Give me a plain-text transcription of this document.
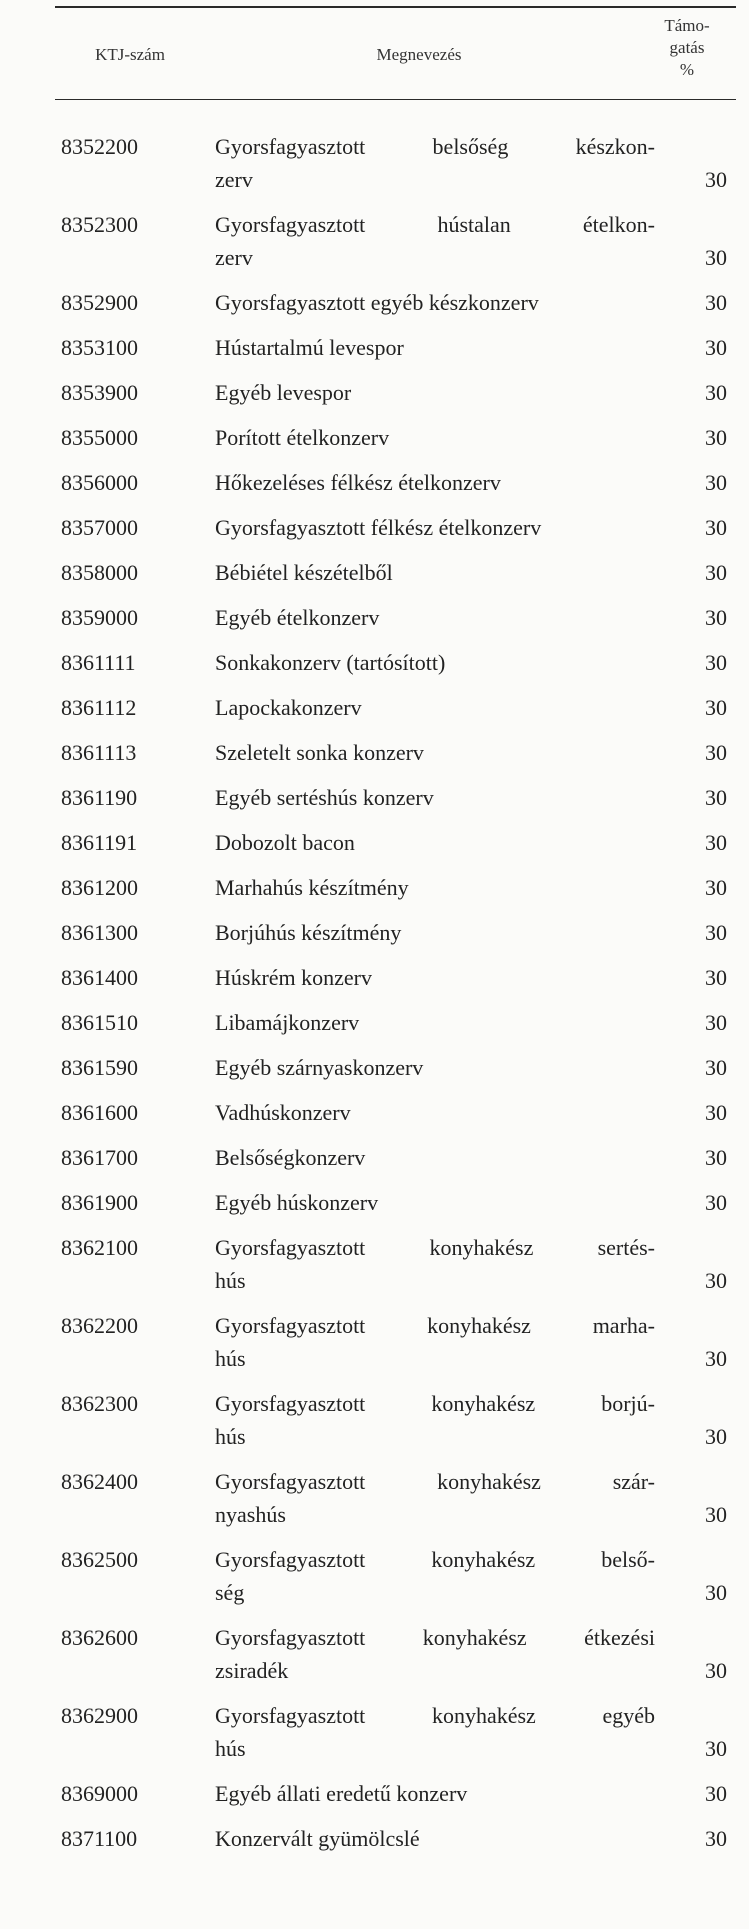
KTJ-szám	Megnevezés
Támo-
gatás
%
8352200	Gyorsfagyasztott belsőség készkon-
zerv	30
8352300	Gyorsfagyasztott hústalan ételkon-
zerv	30
8352900	Gyorsfagyasztott egyéb készkonzerv	30
8353100	Hústartalmú levespor	30
8353900	Egyéb levespor	30
8355000	Porított ételkonzerv	30
8356000	Hőkezeléses félkész ételkonzerv	30
8357000	Gyorsfagyasztott félkész ételkonzerv	30
8358000	Bébiétel készételből	30
8359000	Egyéb ételkonzerv	30
8361111	Sonkakonzerv (tartósított)	30
8361112	Lapockakonzerv	30
8361113	Szeletelt sonka konzerv	30
8361190	Egyéb sertéshús konzerv	30
8361191	Dobozolt bacon	30
8361200	Marhahús készítmény	30
8361300	Borjúhús készítmény	30
8361400	Húskrém konzerv	30
8361510	Libamájkonzerv	30
8361590	Egyéb szárnyaskonzerv	30
8361600	Vadhúskonzerv	30
8361700	Belsőségkonzerv	30
8361900	Egyéb húskonzerv	30
8362100	Gyorsfagyasztott konyhakész sertés-
hús	30
8362200	Gyorsfagyasztott konyhakész marha-
hús	30
8362300	Gyorsfagyasztott konyhakész borjú-
hús	30
8362400	Gyorsfagyasztott konyhakész szár-
nyashús	30
8362500	Gyorsfagyasztott konyhakész belső-
ség	30
8362600	Gyorsfagyasztott konyhakész étkezési
zsiradék	30
8362900	Gyorsfagyasztott konyhakész egyéb
hús	30
8369000	Egyéb állati eredetű konzerv	30
8371100	Konzervált gyümölcslé	30
